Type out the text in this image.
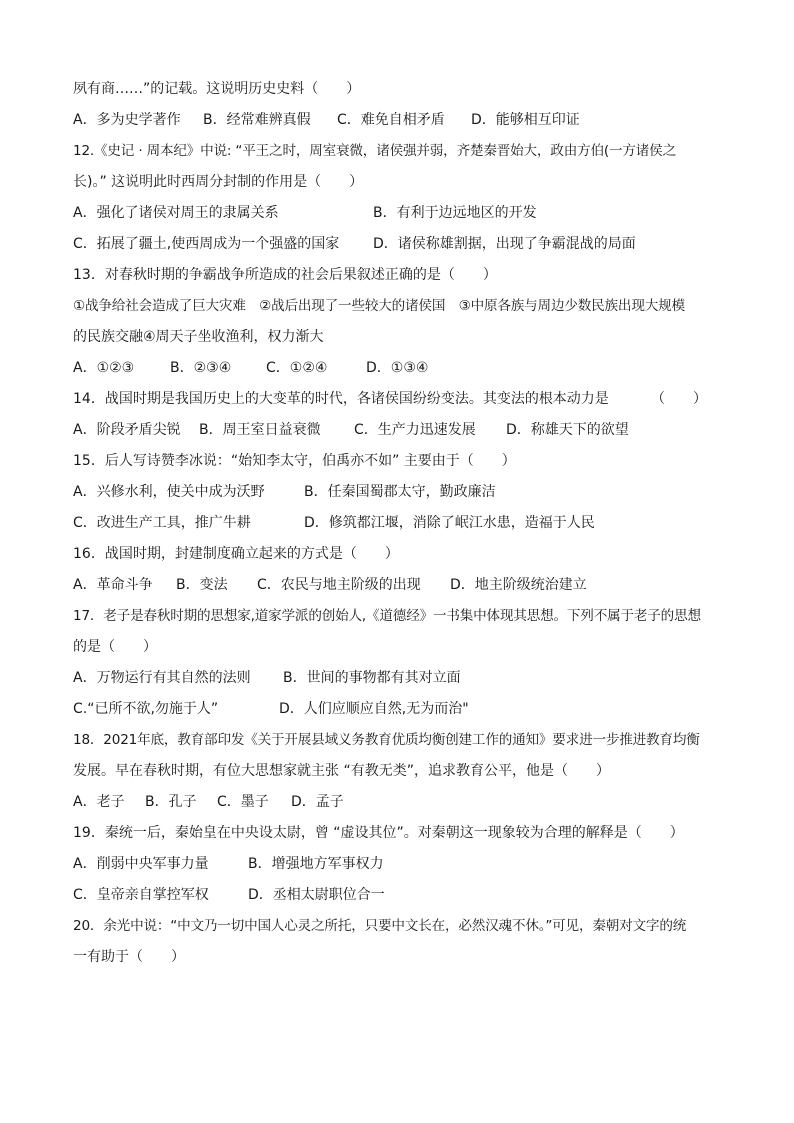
夙有商……”的记载。这说明历史史料（　　）
A．多为史学著作	B．经常难辨真假	C．难免自相矛盾	D．能够相互印证
12.《史记 · 周本纪》中说: “平王之时，周室衰微，诸侯强并弱，齐楚秦晋始大，政由方伯(一方诸侯之
长)。” 这说明此时西周分封制的作用是（　　）
A．强化了诸侯对周王的隶属关系	B．有利于边远地区的开发
C．拓展了疆土,使西周成为一个强盛的国家	D．诸侯称雄割据，出现了争霸混战的局面
13．对春秋时期的争霸战争所造成的社会后果叙述正确的是（　　）
①战争给社会造成了巨大灾难　②战后出现了一些较大的诸侯国　③中原各族与周边少数民族出现大规模
的民族交融④周天子坐收渔利，权力渐大
A．①②③	B．②③④	C．①②④	D．①③④
14．战国时期是我国历史上的大变革的时代，各诸侯国纷纷变法。其变法的根本动力是	（　　）
A．阶段矛盾尖锐	B．周王室日益衰微	C．生产力迅速发展	D．称雄天下的欲望
15．后人写诗赞李冰说：“始知李太守，伯禹亦不如” 主要由于（　　）
A．兴修水利，使关中成为沃野	B．任秦国蜀郡太守，勤政廉洁
C．改进生产工具，推广牛耕	D．修筑都江堰，消除了岷江水患，造福于人民
16．战国时期，封建制度确立起来的方式是（　　）
A．革命斗争	B．变法	C．农民与地主阶级的出现	D．地主阶级统治建立
17．老子是春秋时期的思想家,道家学派的创始人,《道德经》一书集中体现其思想。下列不属于老子的思想
的是（　　）
A．万物运行有其自然的法则	B．世间的事物都有其对立面
C.“已所不欲,勿施于人”	D．人们应顺应自然,无为而治"
18．2021年底，教育部印发《关于开展县域义务教育优质均衡创建工作的通知》要求进一步推进教育均衡
发展。早在春秋时期，有位大思想家就主张 “有教无类”，追求教育公平，他是（　　）
A．老子	B．孔子	C．墨子	D．孟子
19．秦统一后，秦始皇在中央设太尉，曾 “虚设其位”。对秦朝这一现象较为合理的解释是（　　）
A．削弱中央军事力量	B．增强地方军事权力
C．皇帝亲自掌控军权	D．丞相太尉职位合一
20．余光中说：“中文乃一切中国人心灵之所托，只要中文长在，必然汉魂不休。”可见，秦朝对文字的统
一有助于（　　）
